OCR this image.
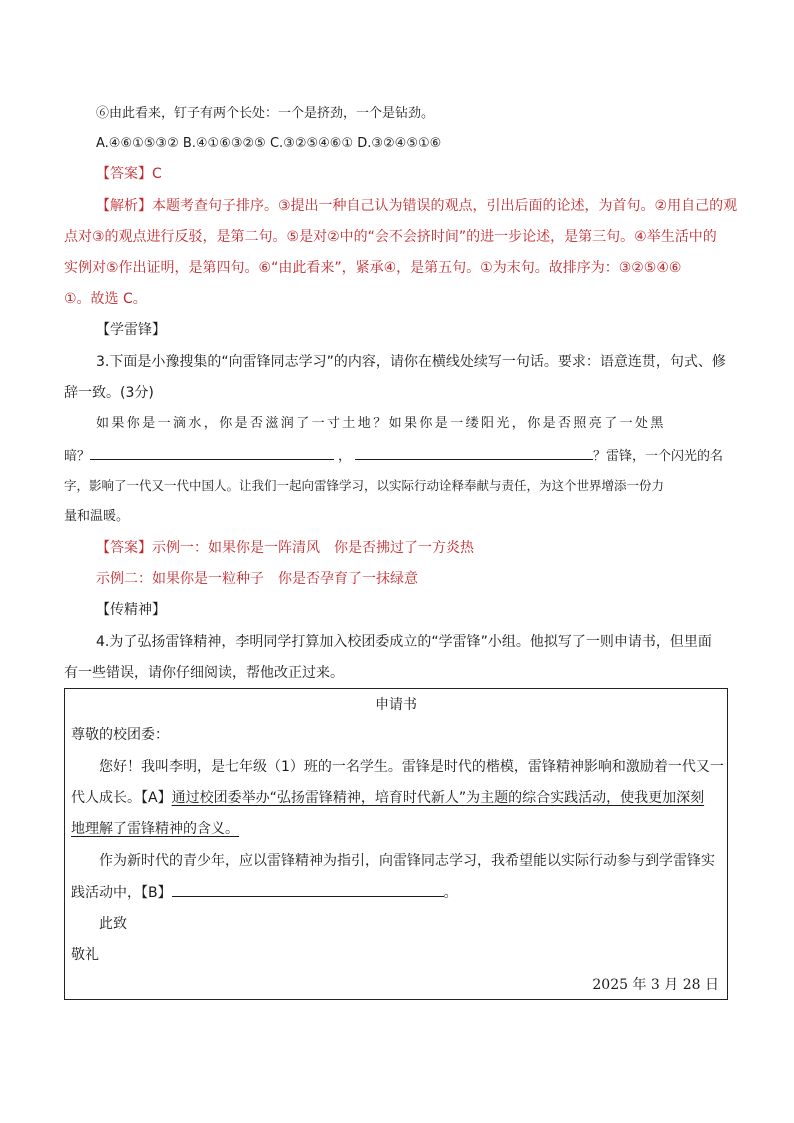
⑥由此看来，钉子有两个长处：一个是挤劲，一个是钻劲。
A.④⑥①⑤③② B.④①⑥③②⑤ C.③②⑤④⑥① D.③②④⑤①⑥
【答案】C
【解析】本题考查句子排序。③提出一种自己认为错误的观点，引出后面的论述，为首句。②用自己的观
点对③的观点进行反驳，是第二句。⑤是对②中的“会不会挤时间”的进一步论述，是第三句。④举生活中的
实例对⑤作出证明，是第四句。⑥“由此看来”，紧承④，是第五句。①为末句。故排序为：③②⑤④⑥
①。故选 C。
【学雷锋】
3.下面是小豫搜集的“向雷锋同志学习”的内容，请你在横线处续写一句话。要求：语意连贯，句式、修
辞一致。(3分)
如果你是一滴水，你是否滋润了一寸土地？如果你是一缕阳光，你是否照亮了一处黑
暗？	，	？雷锋，一个闪光的名
字，影响了一代又一代中国人。让我们一起向雷锋学习，以实际行动诠释奉献与责任，为这个世界增添一份力
量和温暖。
【答案】示例一：如果你是一阵清风　你是否拂过了一方炎热
示例二：如果你是一粒种子　你是否孕育了一抹绿意
【传精神】
4.为了弘扬雷锋精神，李明同学打算加入校团委成立的“学雷锋”小组。他拟写了一则申请书，但里面
有一些错误，请你仔细阅读，帮他改正过来。
申请书
尊敬的校团委：
您好！我叫李明，是七年级（1）班的一名学生。雷锋是时代的楷模，雷锋精神影响和激励着一代又一
代人成长。【A】通过校团委举办“弘扬雷锋精神，培育时代新人”为主题的综合实践活动，使我更加深刻
地理解了雷锋精神的含义。
作为新时代的青少年，应以雷锋精神为指引，向雷锋同志学习，我希望能以实际行动参与到学雷锋实
践活动中，【B】	。
此致
敬礼
2025 年 3 月 28 日
